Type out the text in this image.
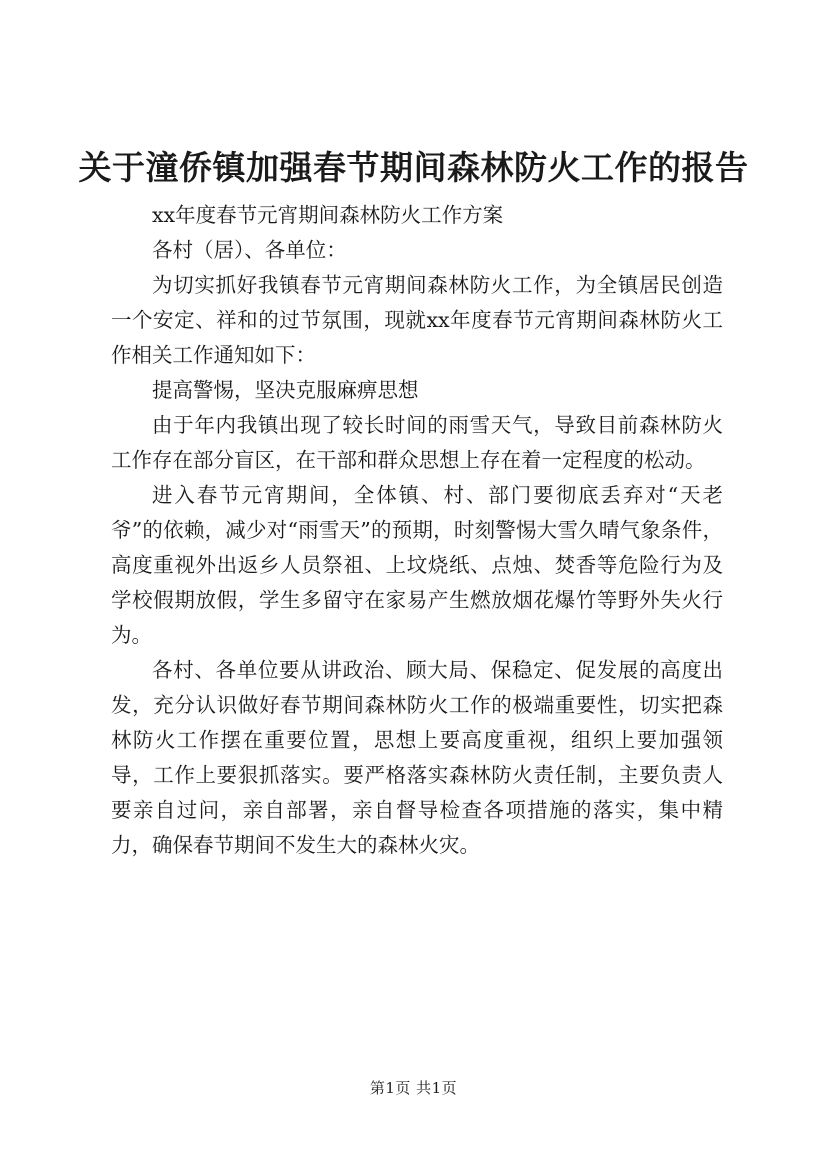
关于潼侨镇加强春节期间森林防火工作的报告

xx年度春节元宵期间森林防火工作方案

各村（居）、各单位：

为切实抓好我镇春节元宵期间森林防火工作，为全镇居民创造一个安定、祥和的过节氛围，现就xx年度春节元宵期间森林防火工作相关工作通知如下：

提高警惕，坚决克服麻痹思想

由于年内我镇出现了较长时间的雨雪天气，导致目前森林防火工作存在部分盲区，在干部和群众思想上存在着一定程度的松动。

进入春节元宵期间，全体镇、村、部门要彻底丢弃对“天老爷”的依赖，减少对“雨雪天”的预期，时刻警惕大雪久晴气象条件，高度重视外出返乡人员祭祖、上坟烧纸、点烛、焚香等危险行为及学校假期放假，学生多留守在家易产生燃放烟花爆竹等野外失火行为。

各村、各单位要从讲政治、顾大局、保稳定、促发展的高度出发，充分认识做好春节期间森林防火工作的极端重要性，切实把森林防火工作摆在重要位置，思想上要高度重视，组织上要加强领导，工作上要狠抓落实。要严格落实森林防火责任制，主要负责人要亲自过问，亲自部署，亲自督导检查各项措施的落实，集中精力，确保春节期间不发生大的森林火灾。

第1页 共1页
